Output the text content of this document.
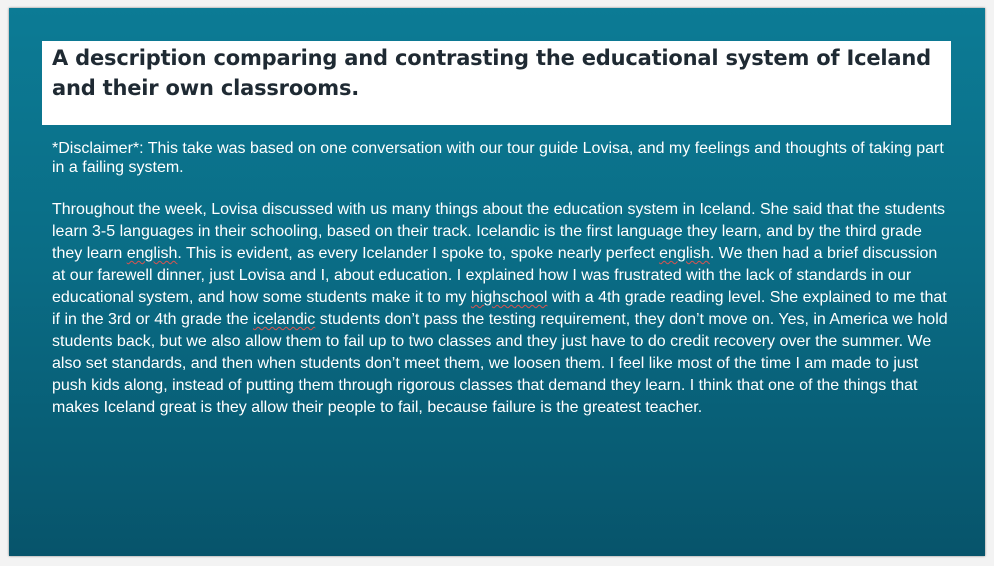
A description comparing and contrasting the educational system of Iceland and their own classrooms.

*Disclaimer*: This take was based on one conversation with our tour guide Lovisa, and my feelings and thoughts of taking part in a failing system.

Throughout the week, Lovisa discussed with us many things about the education system in Iceland. She said that the students learn 3-5 languages in their schooling, based on their track. Icelandic is the first language they learn, and by the third grade they learn english. This is evident, as every Icelander I spoke to, spoke nearly perfect english. We then had a brief discussion at our farewell dinner, just Lovisa and I, about education. I explained how I was frustrated with the lack of standards in our educational system, and how some students make it to my highschool with a 4th grade reading level. She explained to me that if in the 3rd or 4th grade the icelandic students don’t pass the testing requirement, they don’t move on. Yes, in America we hold students back, but we also allow them to fail up to two classes and they just have to do credit recovery over the summer. We also set standards, and then when students don’t meet them, we loosen them. I feel like most of the time I am made to just push kids along, instead of putting them through rigorous classes that demand they learn. I think that one of the things that makes Iceland great is they allow their people to fail, because failure is the greatest teacher.
